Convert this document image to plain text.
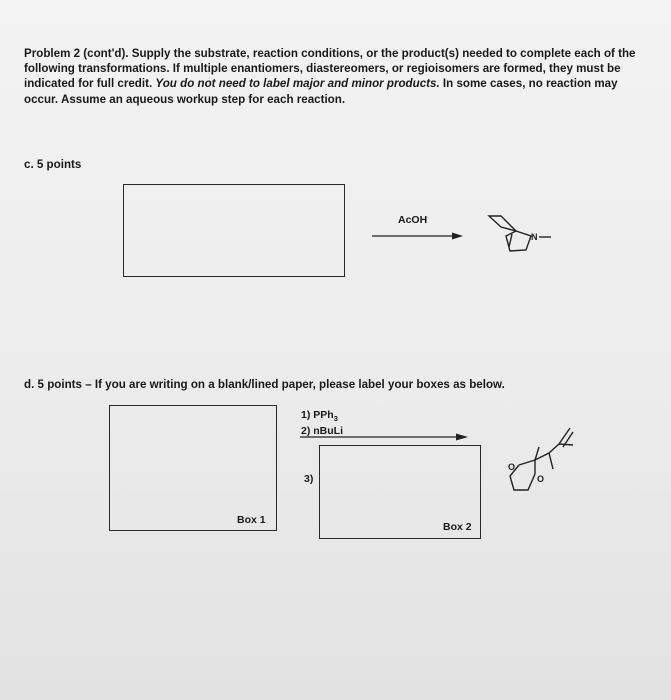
Problem 2 (cont'd). Supply the substrate, reaction conditions, or the product(s) needed to complete each of the following transformations. If multiple enantiomers, diastereomers, or regioisomers are formed, they must be indicated for full credit. You do not need to label major and minor products. In some cases, no reaction may occur. Assume an aqueous workup step for each reaction.
c. 5 points
AcOH
d. 5 points – If you are writing on a blank/lined paper, please label your boxes as below.
Box 1
1) PPh$_3$
2) nBuLi
3)
Box 2
N
O
O
